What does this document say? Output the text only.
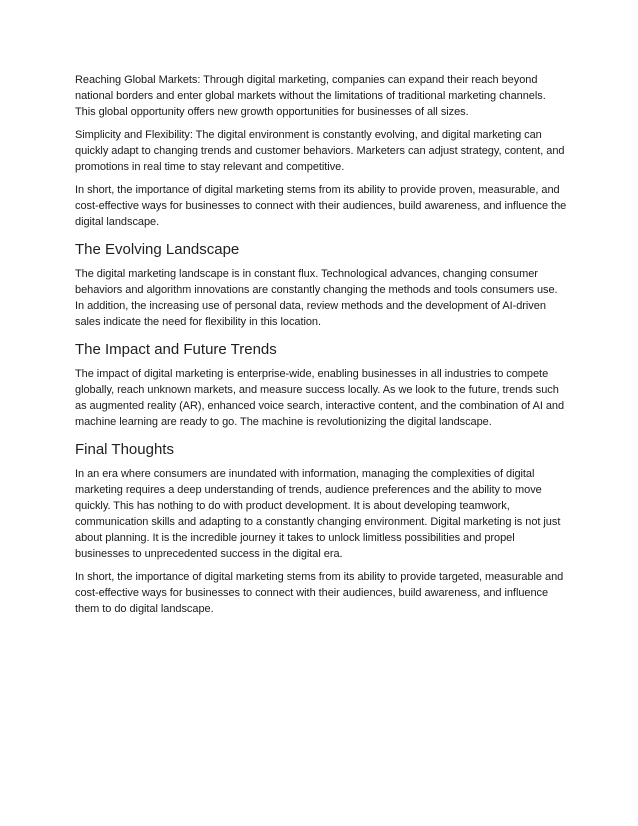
Reaching Global Markets: Through digital marketing, companies can expand their reach beyond national borders and enter global markets without the limitations of traditional marketing channels. This global opportunity offers new growth opportunities for businesses of all sizes.

Simplicity and Flexibility: The digital environment is constantly evolving, and digital marketing can quickly adapt to changing trends and customer behaviors. Marketers can adjust strategy, content, and promotions in real time to stay relevant and competitive.

In short, the importance of digital marketing stems from its ability to provide proven, measurable, and cost-effective ways for businesses to connect with their audiences, build awareness, and influence the digital landscape.

The Evolving Landscape

The digital marketing landscape is in constant flux. Technological advances, changing consumer behaviors and algorithm innovations are constantly changing the methods and tools consumers use. In addition, the increasing use of personal data, review methods and the development of AI-driven sales indicate the need for flexibility in this location.

The Impact and Future Trends

The impact of digital marketing is enterprise-wide, enabling businesses in all industries to compete globally, reach unknown markets, and measure success locally. As we look to the future, trends such as augmented reality (AR), enhanced voice search, interactive content, and the combination of AI and machine learning are ready to go. The machine is revolutionizing the digital landscape.

Final Thoughts

In an era where consumers are inundated with information, managing the complexities of digital marketing requires a deep understanding of trends, audience preferences and the ability to move quickly. This has nothing to do with product development. It is about developing teamwork, communication skills and adapting to a constantly changing environment. Digital marketing is not just about planning. It is the incredible journey it takes to unlock limitless possibilities and propel businesses to unprecedented success in the digital era.

In short, the importance of digital marketing stems from its ability to provide targeted, measurable and cost-effective ways for businesses to connect with their audiences, build awareness, and influence them to do digital landscape.
